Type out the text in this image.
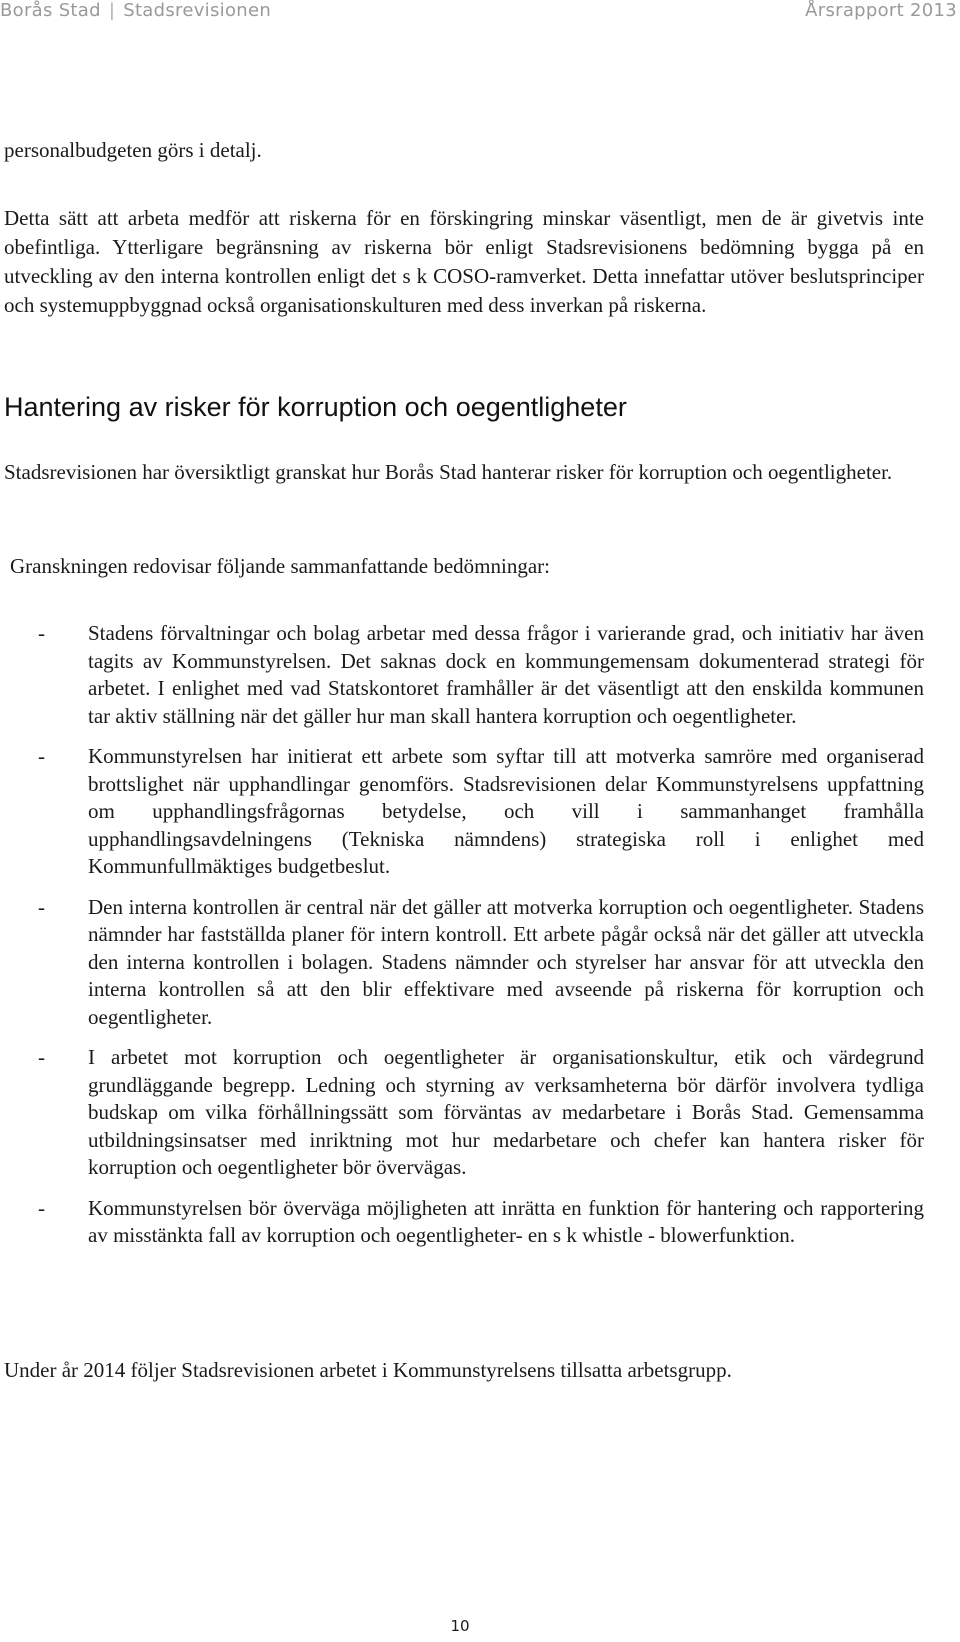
Borås Stad | Stadsrevisionen	Årsrapport 2013

personalbudgeten görs i detalj.

Detta sätt att arbeta medför att riskerna för en förskingring minskar väsentligt, men de är givetvis inte obefintliga. Ytterligare begränsning av riskerna bör enligt Stadsrevisionens bedömning bygga på en utveckling av den interna kontrollen enligt det s k COSO-ramverket. Detta innefattar utöver beslutsprinciper och systemuppbyggnad också organisationskulturen med dess inverkan på riskerna.

Hantering av risker för korruption och oegentligheter

Stadsrevisionen har översiktligt granskat hur Borås Stad hanterar risker för korruption och oegentligheter.

Granskningen redovisar följande sammanfattande bedömningar:

- Stadens förvaltningar och bolag arbetar med dessa frågor i varierande grad, och initiativ har även tagits av Kommunstyrelsen. Det saknas dock en kommungemensam dokumenterad strategi för arbetet. I enlighet med vad Statskontoret framhåller är det väsentligt att den enskilda kommunen tar aktiv ställning när det gäller hur man skall hantera korruption och oegentligheter.
- Kommunstyrelsen har initierat ett arbete som syftar till att motverka samröre med organiserad brottslighet när upphandlingar genomförs. Stadsrevisionen delar Kommunstyrelsens uppfattning om upphandlingsfrågornas betydelse, och vill i sammanhanget framhålla upphandlingsavdelningens (Tekniska nämndens) strategiska roll i enlighet med Kommunfullmäktiges budgetbeslut.
- Den interna kontrollen är central när det gäller att motverka korruption och oegentligheter. Stadens nämnder har fastställda planer för intern kontroll. Ett arbete pågår också när det gäller att utveckla den interna kontrollen i bolagen. Stadens nämnder och styrelser har ansvar för att utveckla den interna kontrollen så att den blir effektivare med avseende på riskerna för korruption och oegentligheter.
- I arbetet mot korruption och oegentligheter är organisationskultur, etik och värdegrund grundläggande begrepp. Ledning och styrning av verksamheterna bör därför involvera tydliga budskap om vilka förhållningssätt som förväntas av medarbetare i Borås Stad. Gemensamma utbildningsinsatser med inriktning mot hur medarbetare och chefer kan hantera risker för korruption och oegentligheter bör övervägas.
- Kommunstyrelsen bör överväga möjligheten att inrätta en funktion för hantering och rapportering av misstänkta fall av korruption och oegentligheter- en s k whistle - blowerfunktion.

Under år 2014 följer Stadsrevisionen arbetet i Kommunstyrelsens tillsatta arbetsgrupp.

10
